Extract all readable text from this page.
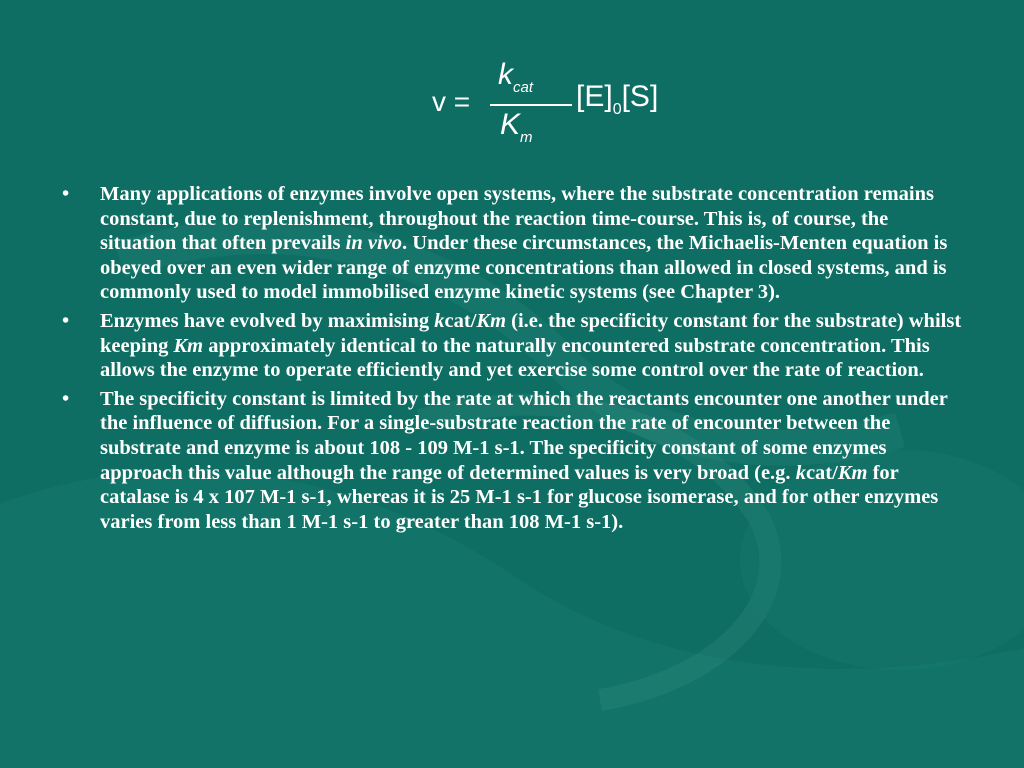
v =
$k_{cat}$
$K_m$
$[E]_0[S]$
• Many applications of enzymes involve open systems, where the substrate concentration remains constant, due to replenishment, throughout the reaction time-course. This is, of course, the situation that often prevails in vivo. Under these circumstances, the Michaelis-Menten equation is obeyed over an even wider range of enzyme concentrations than allowed in closed systems, and is commonly used to model immobilised enzyme kinetic systems (see Chapter 3).
• Enzymes have evolved by maximising kcat/Km (i.e. the specificity constant for the substrate) whilst keeping Km approximately identical to the naturally encountered substrate concentration. This allows the enzyme to operate efficiently and yet exercise some control over the rate of reaction.
• The specificity constant is limited by the rate at which the reactants encounter one another under the influence of diffusion. For a single-substrate reaction the rate of encounter between the substrate and enzyme is about 108 - 109 M-1 s-1. The specificity constant of some enzymes approach this value although the range of determined values is very broad (e.g. kcat/Km for catalase is 4 x 107 M-1 s-1, whereas it is 25 M-1 s-1 for glucose isomerase, and for other enzymes varies from less than 1 M-1 s-1 to greater than 108 M-1 s-1).
